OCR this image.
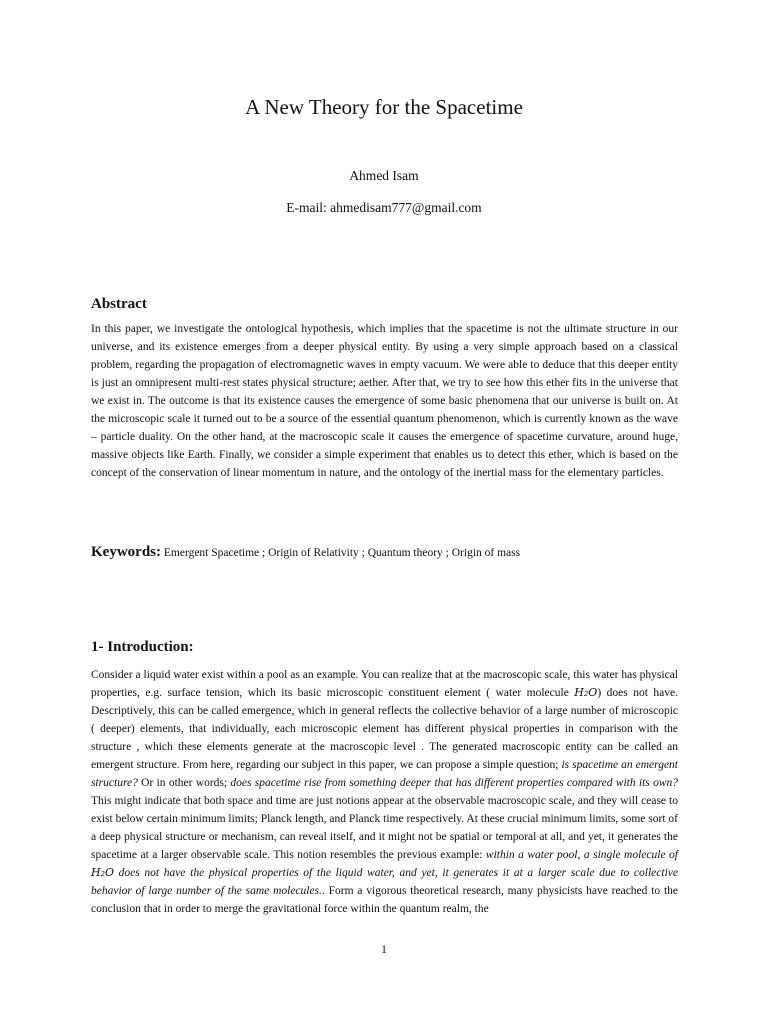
A New Theory for the Spacetime
Ahmed Isam
E-mail: ahmedisam777@gmail.com
Abstract

In this paper, we investigate the ontological hypothesis, which implies that the spacetime is not the ultimate structure in our universe, and its existence emerges from a deeper physical entity. By using a very simple approach based on a classical problem, regarding the propagation of electromagnetic waves in empty vacuum. We were able to deduce that this deeper entity is just an omnipresent multi-rest states physical structure; aether. After that, we try to see how this ether fits in the universe that we exist in. The outcome is that its existence causes the emergence of some basic phenomena that our universe is built on. At the microscopic scale it turned out to be a source of the essential quantum phenomenon, which is currently known as the wave – particle duality. On the other hand, at the macroscopic scale it causes the emergence of spacetime curvature, around huge, massive objects like Earth. Finally, we consider a simple experiment that enables us to detect this ether, which is based on the concept of the conservation of linear momentum in nature, and the ontology of the inertial mass for the elementary particles.

Keywords: Emergent Spacetime ; Origin of Relativity ; Quantum theory ; Origin of mass
1- Introduction:

Consider a liquid water exist within a pool as an example. You can realize that at the macroscopic scale, this water has physical properties, e.g. surface tension, which its basic microscopic constituent element ( water molecule H₂O) does not have. Descriptively, this can be called emergence, which in general reflects the collective behavior of a large number of microscopic ( deeper) elements, that individually, each microscopic element has different physical properties in comparison with the structure , which these elements generate at the macroscopic level . The generated macroscopic entity can be called an emergent structure. From here, regarding our subject in this paper, we can propose a simple question; is spacetime an emergent structure? Or in other words; does spacetime rise from something deeper that has different properties compared with its own? This might indicate that both space and time are just notions appear at the observable macroscopic scale, and they will cease to exist below certain minimum limits; Planck length, and Planck time respectively. At these crucial minimum limits, some sort of a deep physical structure or mechanism, can reveal itself, and it might not be spatial or temporal at all, and yet, it generates the spacetime at a larger observable scale. This notion resembles the previous example: within a water pool, a single molecule of H₂O does not have the physical properties of the liquid water, and yet, it generates it at a larger scale due to collective behavior of large number of the same molecules.. Form a vigorous theoretical research, many physicists have reached to the conclusion that in order to merge the gravitational force within the quantum realm, the

1
